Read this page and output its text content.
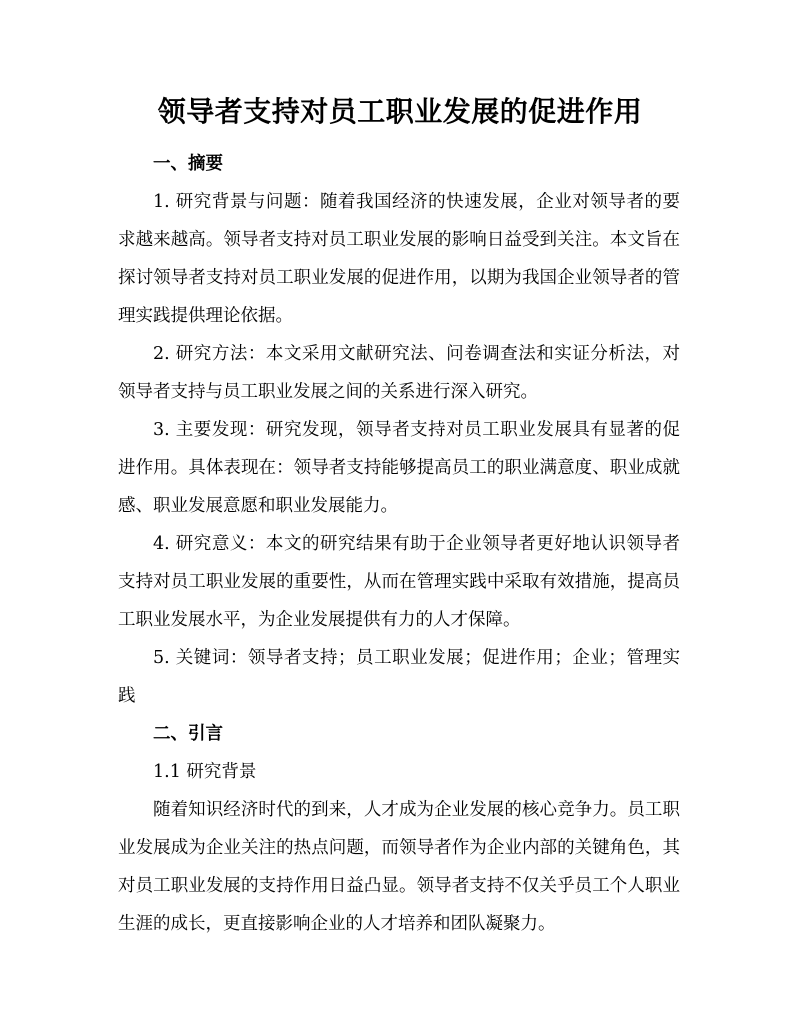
领导者支持对员工职业发展的促进作用

一、摘要

1. 研究背景与问题：随着我国经济的快速发展，企业对领导者的要求越来越高。领导者支持对员工职业发展的影响日益受到关注。本文旨在探讨领导者支持对员工职业发展的促进作用，以期为我国企业领导者的管理实践提供理论依据。

2. 研究方法：本文采用文献研究法、问卷调查法和实证分析法，对领导者支持与员工职业发展之间的关系进行深入研究。

3. 主要发现：研究发现，领导者支持对员工职业发展具有显著的促进作用。具体表现在：领导者支持能够提高员工的职业满意度、职业成就感、职业发展意愿和职业发展能力。

4. 研究意义：本文的研究结果有助于企业领导者更好地认识领导者支持对员工职业发展的重要性，从而在管理实践中采取有效措施，提高员工职业发展水平，为企业发展提供有力的人才保障。

5. 关键词：领导者支持；员工职业发展；促进作用；企业；管理实践

二、引言

1.1 研究背景

随着知识经济时代的到来，人才成为企业发展的核心竞争力。员工职业发展成为企业关注的热点问题，而领导者作为企业内部的关键角色，其对员工职业发展的支持作用日益凸显。领导者支持不仅关乎员工个人职业生涯的成长，更直接影响企业的人才培养和团队凝聚力。
